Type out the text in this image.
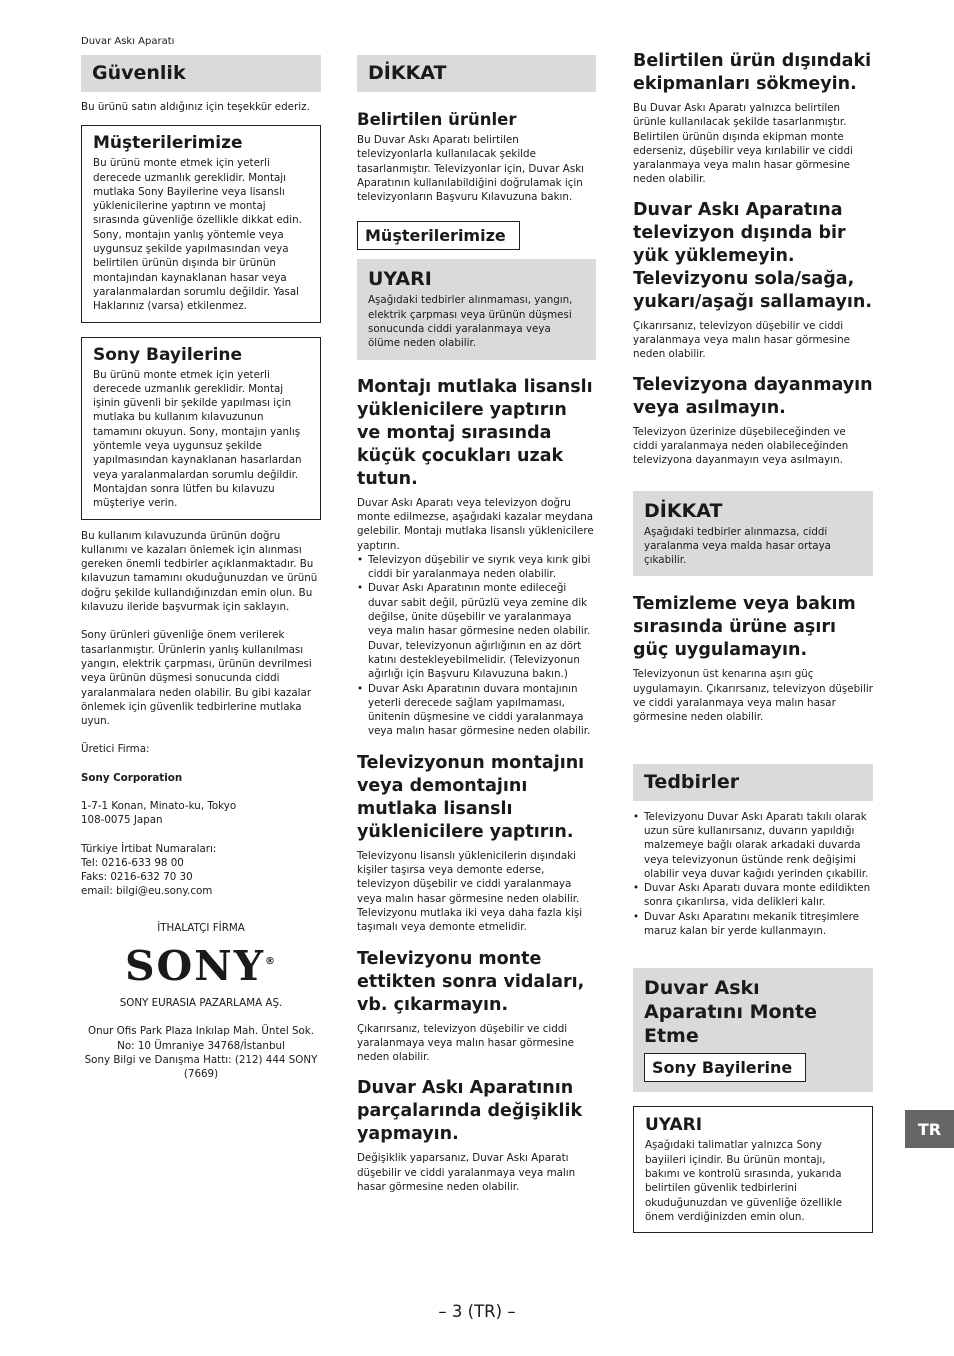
Duvar Askı Aparatı
Güvenlik

Bu ürünü satın aldığınız için teşekkür ederiz.

Müşterilerimize

Bu ürünü monte etmek için yeterli derecede uzmanlık gereklidir. Montajı mutlaka Sony Bayilerine veya lisanslı yüklenicilerine yaptırın ve montaj sırasında güvenliğe özellikle dikkat edin. Sony, montajın yanlış yöntemle veya uygunsuz şekilde yapılmasından veya belirtilen ürünün dışında bir ürünün montajından kaynaklanan hasar veya yaralanmalardan sorumlu değildir. Yasal Haklarınız (varsa) etkilenmez.

Sony Bayilerine

Bu ürünü monte etmek için yeterli derecede uzmanlık gereklidir. Montaj işinin güvenli bir şekilde yapılması için mutlaka bu kullanım kılavuzunun tamamını okuyun. Sony, montajın yanlış yöntemle veya uygunsuz şekilde yapılmasından kaynaklanan hasarlardan veya yaralanmalardan sorumlu değildir. Montajdan sonra lütfen bu kılavuzu müşteriye verin.

Bu kullanım kılavuzunda ürünün doğru kullanımı ve kazaları önlemek için alınması gereken önemli tedbirler açıklanmaktadır. Bu kılavuzun tamamını okuduğunuzdan ve ürünü doğru şekilde kullandığınızdan emin olun. Bu kılavuzu ileride başvurmak için saklayın.

Sony ürünleri güvenliğe önem verilerek tasarlanmıştır. Ürünlerin yanlış kullanılması yangın, elektrik çarpması, ürünün devrilmesi veya ürünün düşmesi sonucunda ciddi yaralanmalara neden olabilir. Bu gibi kazalar önlemek için güvenlik tedbirlerine mutlaka uyun.

Üretici Firma:

Sony Corporation

1-7-1 Konan, Minato-ku, Tokyo

108-0075 Japan

Türkiye İrtibat Numaraları:

Tel: 0216-633 98 00

Faks: 0216-632 70 30

email: bilgi@eu.sony.com

İTHALATÇI FİRMA

SONY®

SONY EURASIA PAZARLAMA AŞ.

Onur Ofis Park Plaza Inkılap Mah. Üntel Sok. No: 10 Ümraniye 34768/İstanbul

Sony Bilgi ve Danışma Hattı: (212) 444 SONY (7669)

DİKKAT
Belirtilen ürünler

Bu Duvar Askı Aparatı belirtilen televizyonlarla kullanılacak şekilde tasarlanmıştır. Televizyonlar için, Duvar Askı Aparatının kullanılabildiğini doğrulamak için televizyonların Başvuru Kılavuzuna bakın.

Müşterilerimize
UYARI

Aşağıdaki tedbirler alınmaması, yangın, elektrik çarpması veya ürünün düşmesi sonucunda ciddi yaralanmaya veya ölüme neden olabilir.

Montajı mutlaka lisanslı yüklenicilere yaptırın ve montaj sırasında küçük çocukları uzak tutun.

Duvar Askı Aparatı veya televizyon doğru monte edilmezse, aşağıdaki kazalar meydana gelebilir. Montajı mutlaka lisanslı yüklenicilere yaptırın.

• Televizyon düşebilir ve sıyrık veya kırık gibi ciddi bir yaralanmaya neden olabilir.
• Duvar Askı Aparatının monte edileceği duvar sabit değil, pürüzlü veya zemine dik değilse, ünite düşebilir ve yaralanmaya veya malın hasar görmesine neden olabilir. Duvar, televizyonun ağırlığının en az dört katını destekleyebilmelidir. (Televizyonun ağırlığı için Başvuru Kılavuzuna bakın.)
• Duvar Askı Aparatının duvara montajının yeterli derecede sağlam yapılmaması, ünitenin düşmesine ve ciddi yaralanmaya veya malın hasar görmesine neden olabilir.
Televizyonun montajını veya demontajını mutlaka lisanslı yüklenicilere yaptırın.

Televizyonu lisanslı yüklenicilerin dışındaki kişiler taşırsa veya demonte ederse, televizyon düşebilir ve ciddi yaralanmaya veya malın hasar görmesine neden olabilir. Televizyonu mutlaka iki veya daha fazla kişi taşımalı veya demonte etmelidir.

Televizyonu monte ettikten sonra vidaları, vb. çıkarmayın.

Çıkarırsanız, televizyon düşebilir ve ciddi yaralanmaya veya malın hasar görmesine neden olabilir.

Duvar Askı Aparatının parçalarında değişiklik yapmayın.

Değişiklik yaparsanız, Duvar Askı Aparatı düşebilir ve ciddi yaralanmaya veya malın hasar görmesine neden olabilir.

Belirtilen ürün dışındaki ekipmanları sökmeyin.

Bu Duvar Askı Aparatı yalnızca belirtilen ürünle kullanılacak şekilde tasarlanmıştır. Belirtilen ürünün dışında ekipman monte ederseniz, düşebilir veya kırılabilir ve ciddi yaralanmaya veya malın hasar görmesine neden olabilir.

Duvar Askı Aparatına televizyon dışında bir yük yüklemeyin. Televizyonu sola/sağa, yukarı/aşağı sallamayın.

Çıkarırsanız, televizyon düşebilir ve ciddi yaralanmaya veya malın hasar görmesine neden olabilir.

Televizyona dayanmayın veya asılmayın.

Televizyon üzerinize düşebileceğinden ve ciddi yaralanmaya neden olabileceğinden televizyona dayanmayın veya asılmayın.

DİKKAT

Aşağıdaki tedbirler alınmazsa, ciddi yaralanma veya malda hasar ortaya çıkabilir.

Temizleme veya bakım sırasında ürüne aşırı güç uygulamayın.

Televizyonun üst kenarına aşırı güç uygulamayın. Çıkarırsanız, televizyon düşebilir ve ciddi yaralanmaya veya malın hasar görmesine neden olabilir.

Tedbirler
• Televizyonu Duvar Askı Aparatı takılı olarak uzun süre kullanırsanız, duvarın yapıldığı malzemeye bağlı olarak arkadaki duvarda veya televizyonun üstünde renk değişimi olabilir veya duvar kağıdı yerinden çıkabilir.
• Duvar Askı Aparatı duvara monte edildikten sonra çıkarılırsa, vida delikleri kalır.
• Duvar Askı Aparatını mekanik titreşimlere maruz kalan bir yerde kullanmayın.
Duvar Askı Aparatını Monte Etme
Sony Bayilerine
UYARI

Aşağıdaki talimatlar yalnızca Sony bayiileri içindir. Bu ürünün montajı, bakımı ve kontrolü sırasında, yukarıda belirtilen güvenlik tedbirlerini okuduğunuzdan ve güvenliğe özellikle önem verdiğinizden emin olun.

TR
– 3 (TR) –
